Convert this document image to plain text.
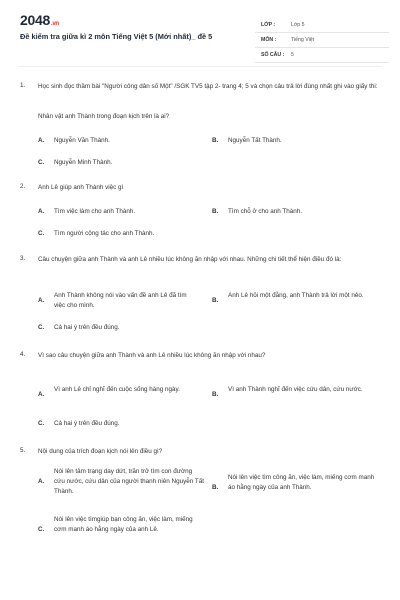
2048.vn
Đề kiểm tra giữa kì 2 môn Tiếng Việt 5 (Mới nhất)_ đề 5
LỚP :	Lớp 5
MÔN :	Tiếng Việt
SỐ CÂU : 5
1. Học sinh đọc thầm bài "Người công dân số Một" /SGK TV5 tập 2- trang 4; 5 và chọn câu trả lời đúng nhất ghi vào giấy thi:
Nhân vật anh Thành trong đoạn kịch trên là ai?
A. Nguyễn Văn Thành.	B. Nguyễn Tất Thành.
C. Nguyễn Minh Thành.
2. Anh Lê giúp anh Thành việc gì
A. Tìm việc làm cho anh Thành.	B. Tìm chỗ ở cho anh Thành.
C. Tìm người cộng tác cho anh Thành.
3. Câu chuyện giữa anh Thành và anh Lê nhiều lúc không ăn nhập với nhau. Những chi tiết thể hiện điều đó là:
A.
Anh Thành không nói vào vấn đề anh Lê đã tìm việc cho mình.
B.
Anh Lê hỏi một đằng, anh Thành trả lời một nẻo.
C. Cả hai ý trên đều đúng.
4. Vì sao câu chuyện giữa anh Thành và anh Lê nhiều lúc không ăn nhập với nhau?
A.
Vì anh Lê chỉ nghĩ đến cuộc sống hàng ngày.
B.
Vì anh Thành nghĩ đến việc cứu dân, cứu nước.
C. Cả hai ý trên đều đúng.
5. Nội dung của trích đoạn kịch nói lên điều gì?
A.
Nói lên tâm trạng day dứt, trăn trở tìm con đường cứu nước, cứu dân của người thanh niên Nguyễn Tất Thành.
B.
Nói lên việc tìm công ăn, việc làm, miếng cơm manh áo hằng ngày của anh Thành.
C.
Nói lên việc tìmgiúp bạn công ăn, việc làm, miếng cơm manh áo hằng ngày của anh Lê.
